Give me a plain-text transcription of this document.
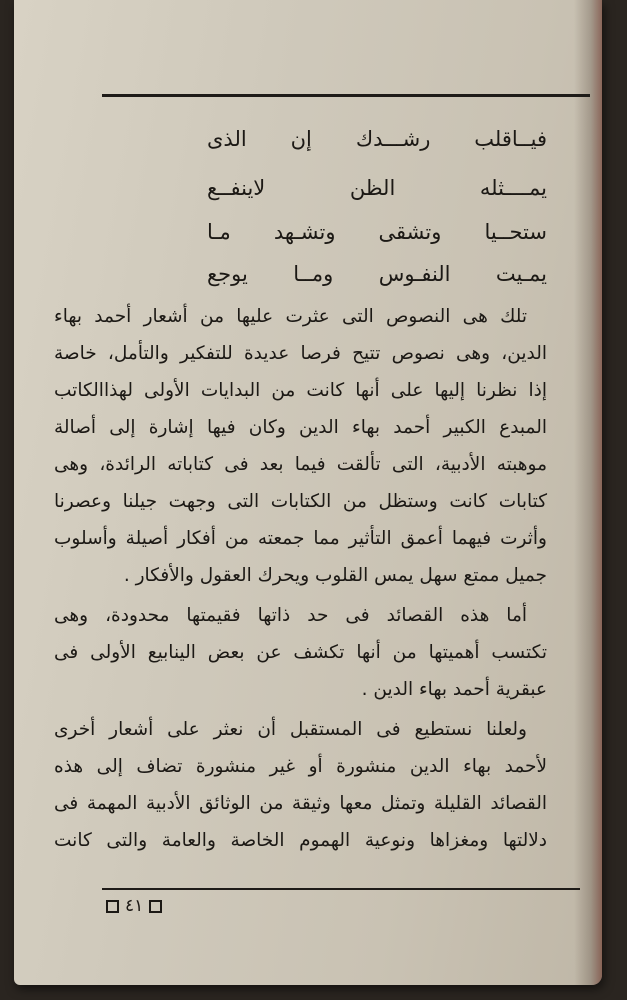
فيــاقلب رشـــدك إن الذى
يمــــثله الظن لاينفــع
ستحــيا وتشقى وتشـهد مـا
يمـيت النفـوس ومــا يوجع
تلك هى النصوص التى عثرت عليها من أشعار أحمد بهاء
الدين، وهى نصوص تتيح فرصا عديدة للتفكير والتأمل، خاصة
إذا نظرنا إليها على أنها كانت من البدايات الأولى لهذاالكاتب
المبدع الكبير أحمد بهاء الدين وكان فيها إشارة إلى أصالة
موهبته الأدبية، التى تألقت فيما بعد فى كتاباته الرائدة، وهى
كتابات كانت وستظل من الكتابات التى وجهت جيلنا وعصرنا
وأثرت فيهما أعمق التأثير مما جمعته من أفكار أصيلة وأسلوب
جميل ممتع سهل يمس القلوب ويحرك العقول والأفكار .
أما هذه القصائد فى حد ذاتها فقيمتها محدودة، وهى
تكتسب أهميتها من أنها تكشف عن بعض الينابيع الأولى فى
عبقرية أحمد بهاء الدين .
ولعلنا نستطيع فى المستقبل أن نعثر على أشعار أخرى
لأحمد بهاء الدين منشورة أو غير منشورة تضاف إلى هذه
القصائد القليلة وتمثل معها وثيقة من الوثائق الأدبية المهمة فى
دلالتها ومغزاها ونوعية الهموم الخاصة والعامة والتى كانت
٤١
